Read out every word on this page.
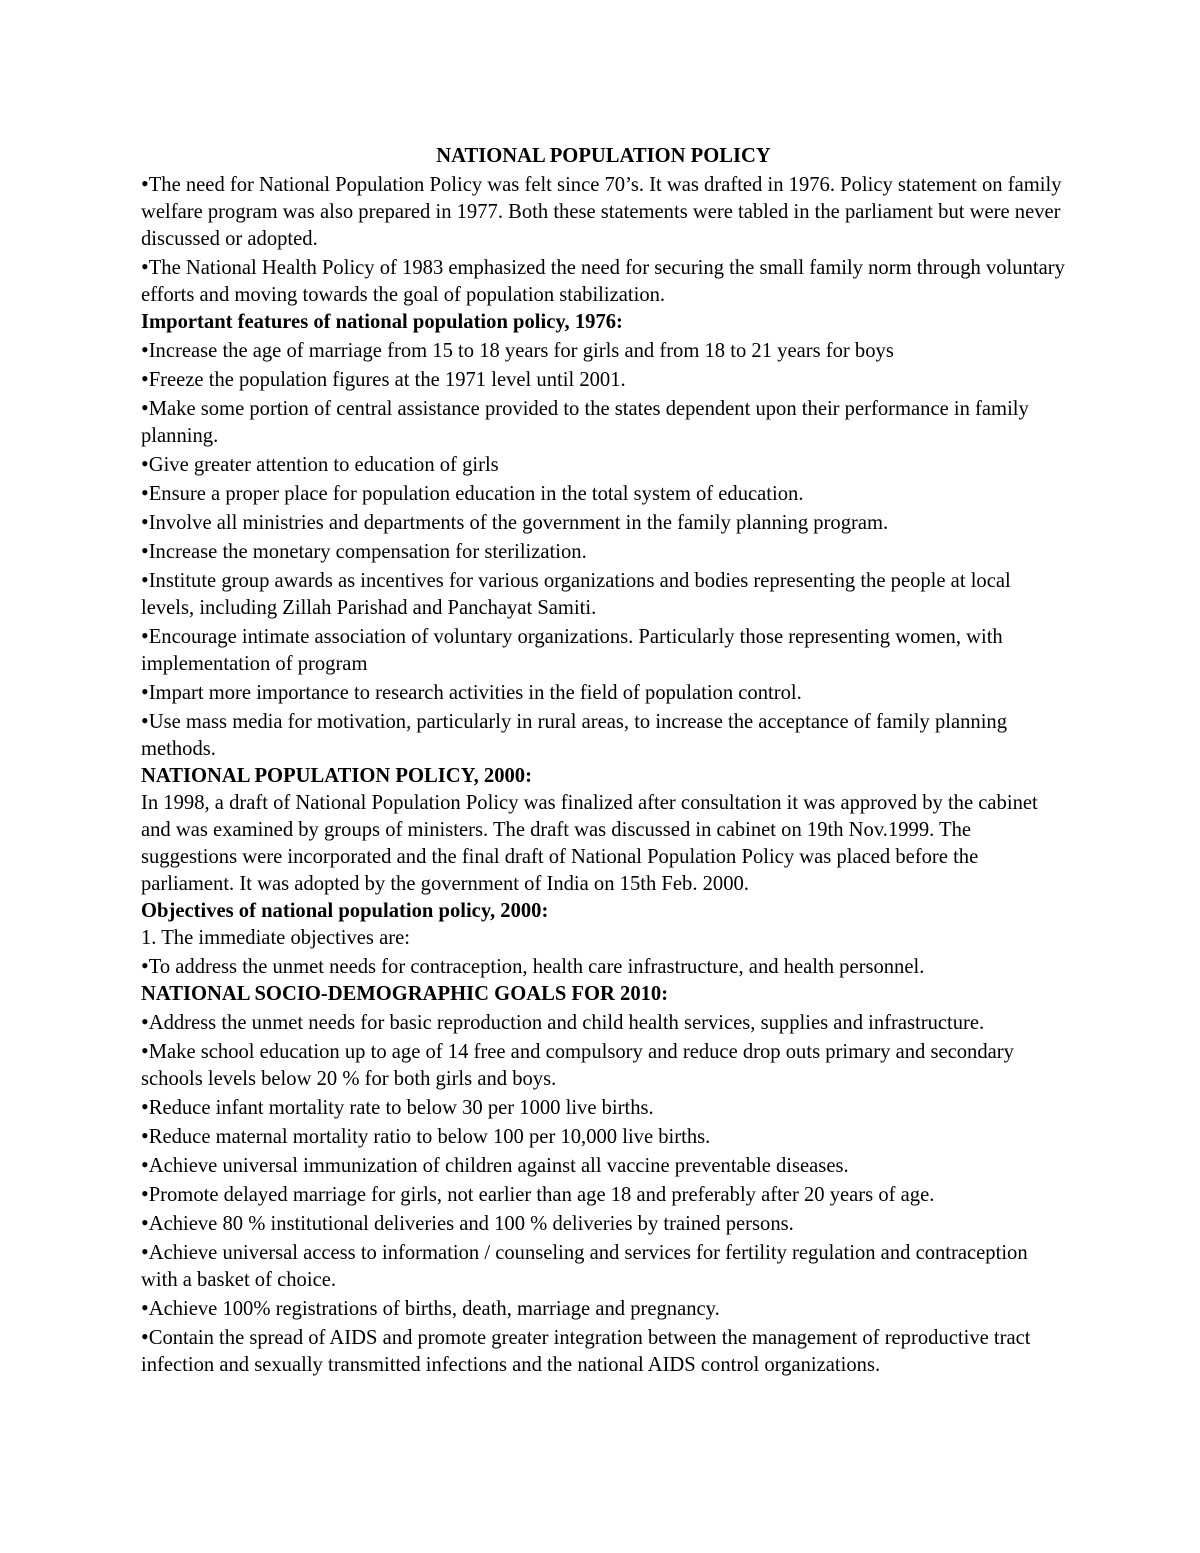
NATIONAL POPULATION POLICY

• The need for National Population Policy was felt since 70’s. It was drafted in 1976. Policy statement on family welfare program was also prepared in 1977. Both these statements were tabled in the parliament but were never discussed or adopted.

• The National Health Policy of 1983 emphasized the need for securing the small family norm through voluntary efforts and moving towards the goal of population stabilization.

Important features of national population policy, 1976:

• Increase the age of marriage from 15 to 18 years for girls and from 18 to 21 years for boys

• Freeze the population figures at the 1971 level until 2001.

• Make some portion of central assistance provided to the states dependent upon their performance in family planning.

• Give greater attention to education of girls

• Ensure a proper place for population education in the total system of education.

• Involve all ministries and departments of the government in the family planning program.

• Increase the monetary compensation for sterilization.

• Institute group awards as incentives for various organizations and bodies representing the people at local levels, including Zillah Parishad and Panchayat Samiti.

• Encourage intimate association of voluntary organizations. Particularly those representing women, with implementation of program

• Impart more importance to research activities in the field of population control.

• Use mass media for motivation, particularly in rural areas, to increase the acceptance of family planning methods.

NATIONAL POPULATION POLICY, 2000:

In 1998, a draft of National Population Policy was finalized after consultation it was approved by the cabinet and was examined by groups of ministers. The draft was discussed in cabinet on 19th Nov.1999. The suggestions were incorporated and the final draft of National Population Policy was placed before the parliament. It was adopted by the government of India on 15th Feb. 2000.

Objectives of national population policy, 2000:

1. The immediate objectives are:

• To address the unmet needs for contraception, health care infrastructure, and health personnel.

NATIONAL SOCIO-DEMOGRAPHIC GOALS FOR 2010:

• Address the unmet needs for basic reproduction and child health services, supplies and infrastructure.

• Make school education up to age of 14 free and compulsory and reduce drop outs primary and secondary schools levels below 20 % for both girls and boys.

• Reduce infant mortality rate to below 30 per 1000 live births.

• Reduce maternal mortality ratio to below 100 per 10,000 live births.

• Achieve universal immunization of children against all vaccine preventable diseases.

• Promote delayed marriage for girls, not earlier than age 18 and preferably after 20 years of age.

• Achieve 80 % institutional deliveries and 100 % deliveries by trained persons.

• Achieve universal access to information / counseling and services for fertility regulation and contraception with a basket of choice.

• Achieve 100% registrations of births, death, marriage and pregnancy.

• Contain the spread of AIDS and promote greater integration between the management of reproductive tract infection and sexually transmitted infections and the national AIDS control organizations.
